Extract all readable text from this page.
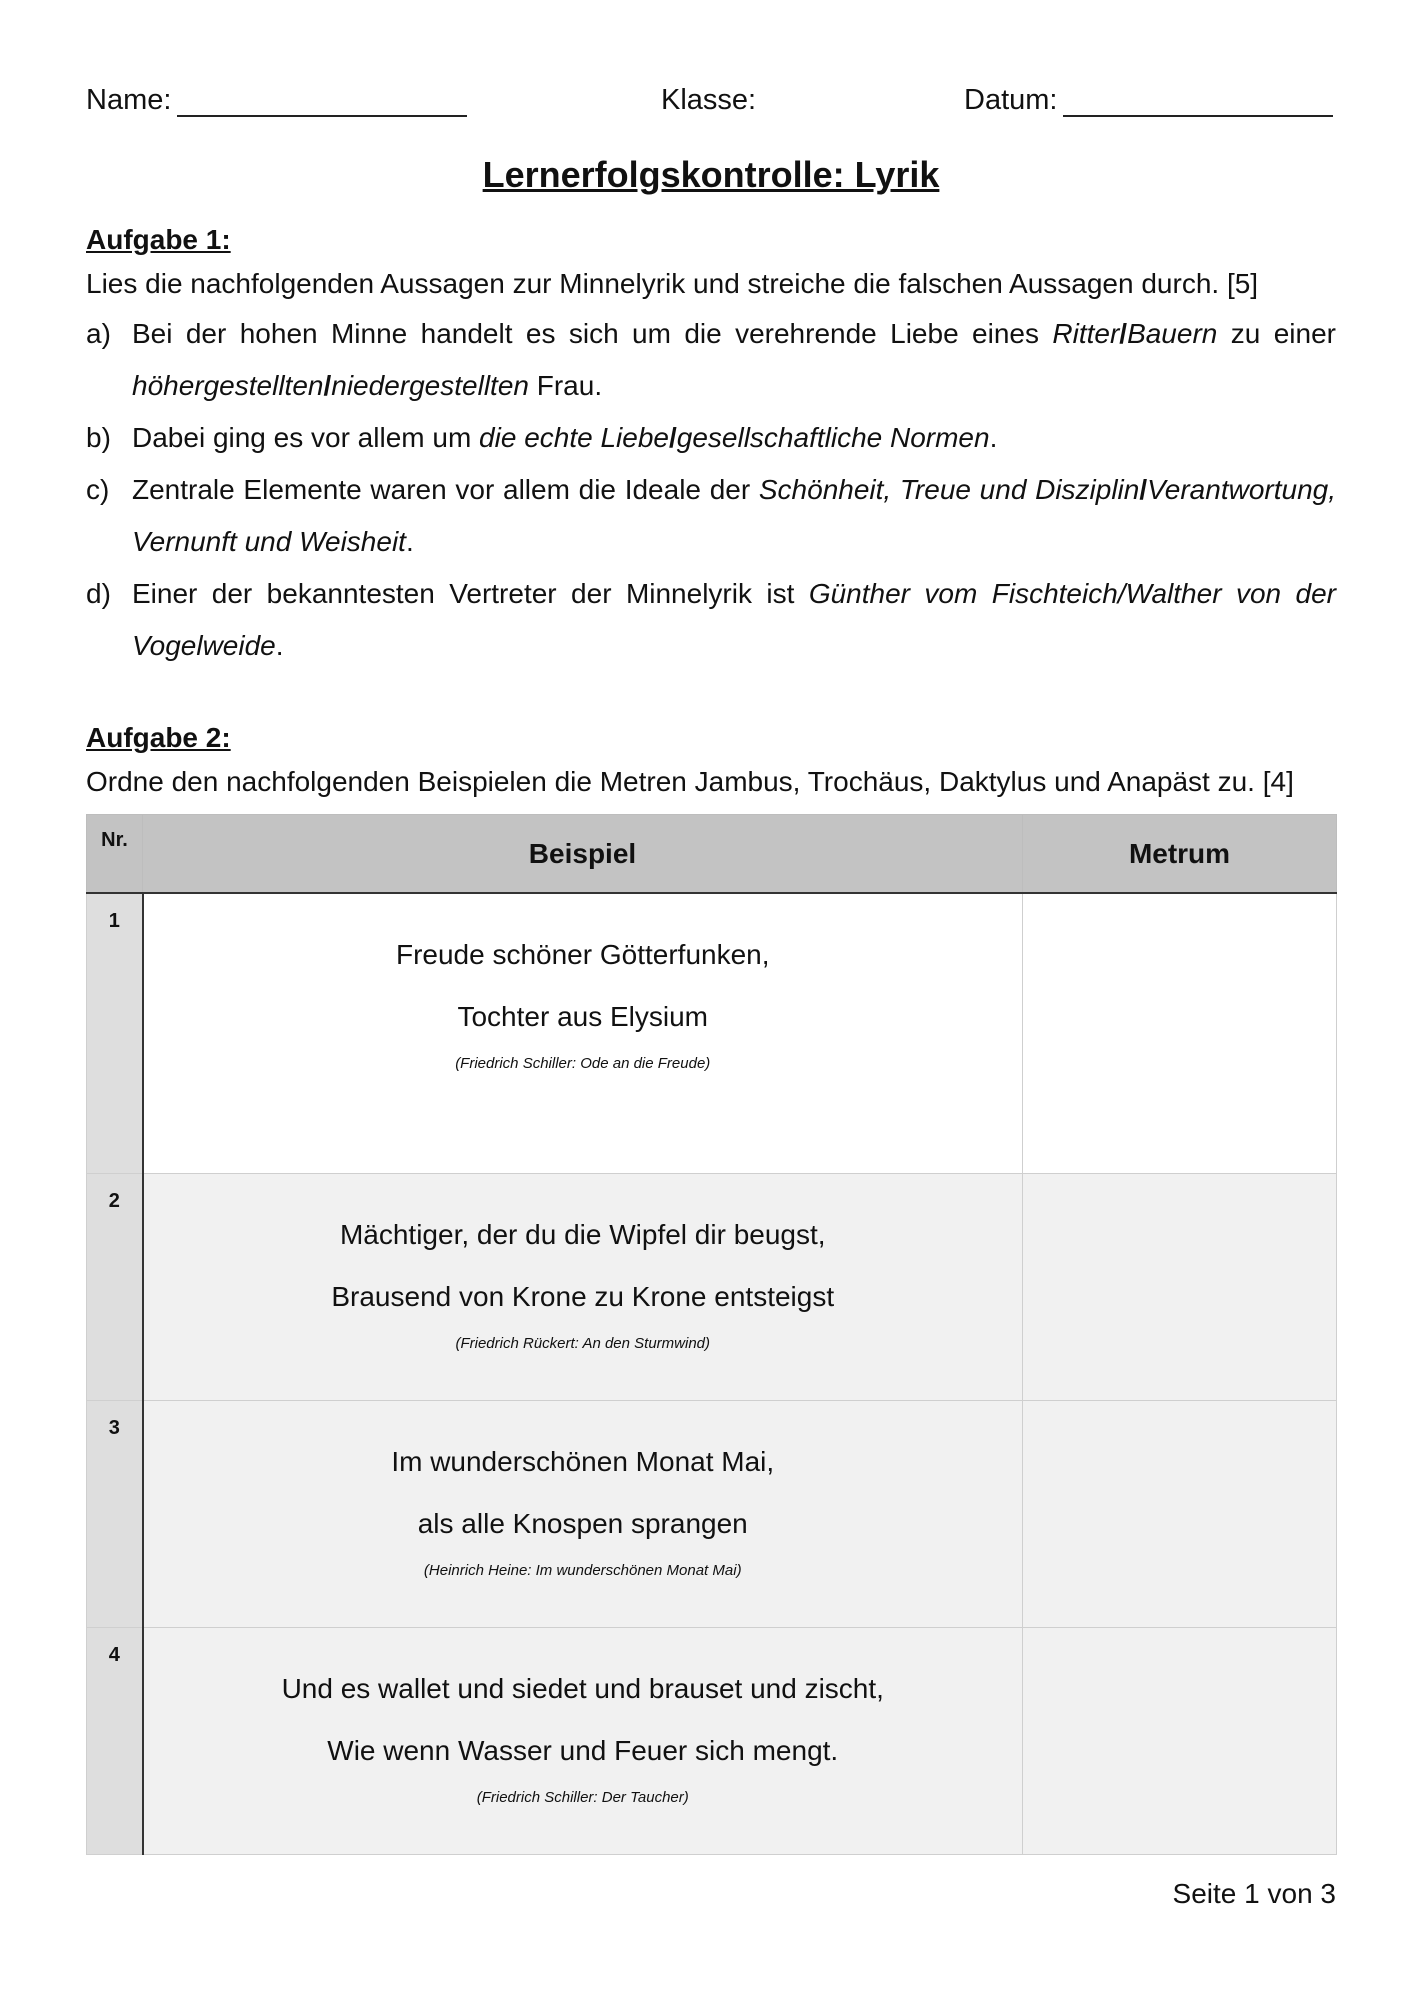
Name:	Klasse:	Datum:
Lernerfolgskontrolle: Lyrik
Aufgabe 1:
Lies die nachfolgenden Aussagen zur Minnelyrik und streiche die falschen Aussagen durch. [5]
a) Bei der hohen Minne handelt es sich um die verehrende Liebe eines Ritter/Bauern zu einer höhergestellten/niedergestellten Frau.
b) Dabei ging es vor allem um die echte Liebe/gesellschaftliche Normen.
c) Zentrale Elemente waren vor allem die Ideale der Schönheit, Treue und Disziplin/Verantwortung, Vernunft und Weisheit.
d) Einer der bekanntesten Vertreter der Minnelyrik ist Günther vom Fischteich/Walther von der Vogelweide.
Aufgabe 2:
Ordne den nachfolgenden Beispielen die Metren Jambus, Trochäus, Daktylus und Anapäst zu. [4]
Nr.	Beispiel	Metrum
1	Freude schöner Götterfunken,
Tochter aus Elysium
(Friedrich Schiller: Ode an die Freude)	

2	Mächtiger, der du die Wipfel dir beugst,
Brausend von Krone zu Krone entsteigst
(Friedrich Rückert: An den Sturmwind)	

3	Im wunderschönen Monat Mai,
als alle Knospen sprangen
(Heinrich Heine: Im wunderschönen Monat Mai)	

4	Und es wallet und siedet und brauset und zischt,
Wie wenn Wasser und Feuer sich mengt.
(Friedrich Schiller: Der Taucher)	

Seite 1 von 3
